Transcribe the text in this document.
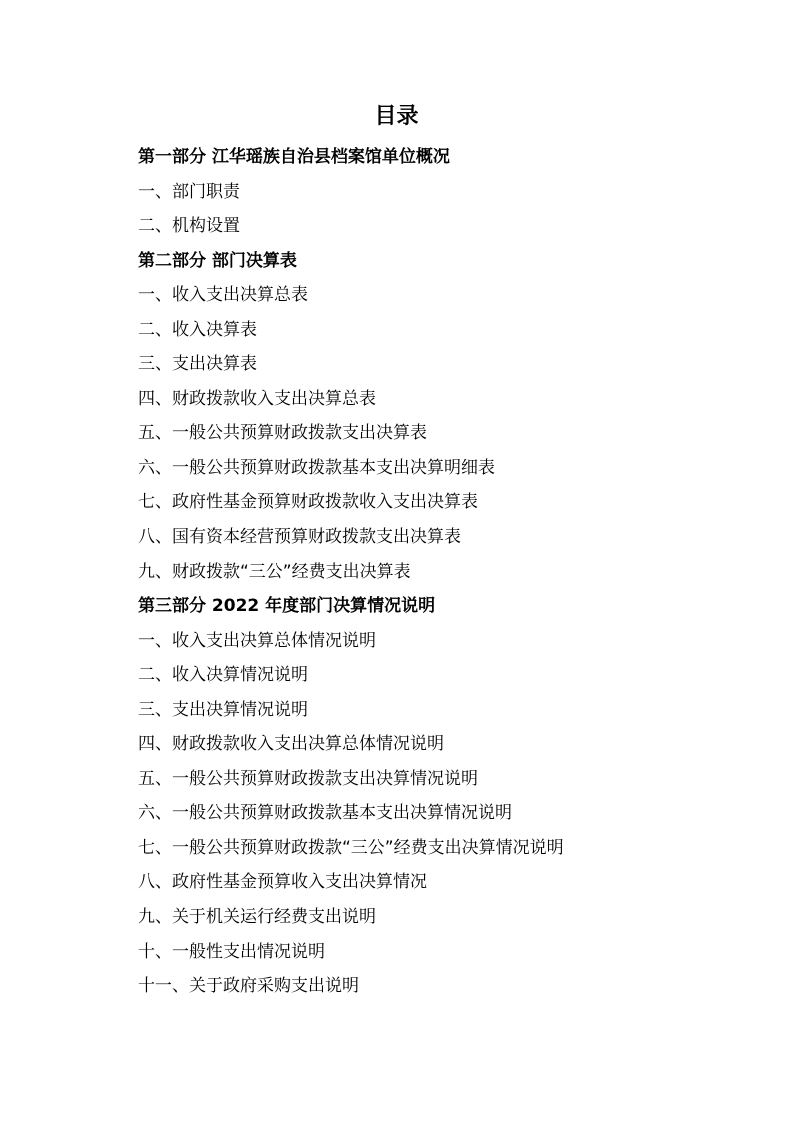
目录
第一部分 江华瑶族自治县档案馆单位概况
一、部门职责
二、机构设置
第二部分 部门决算表
一、收入支出决算总表
二、收入决算表
三、支出决算表
四、财政拨款收入支出决算总表
五、一般公共预算财政拨款支出决算表
六、一般公共预算财政拨款基本支出决算明细表
七、政府性基金预算财政拨款收入支出决算表
八、国有资本经营预算财政拨款支出决算表
九、财政拨款“三公”经费支出决算表
第三部分 2022 年度部门决算情况说明
一、收入支出决算总体情况说明
二、收入决算情况说明
三、支出决算情况说明
四、财政拨款收入支出决算总体情况说明
五、一般公共预算财政拨款支出决算情况说明
六、一般公共预算财政拨款基本支出决算情况说明
七、一般公共预算财政拨款“三公”经费支出决算情况说明
八、政府性基金预算收入支出决算情况
九、关于机关运行经费支出说明
十、一般性支出情况说明
十一、关于政府采购支出说明
